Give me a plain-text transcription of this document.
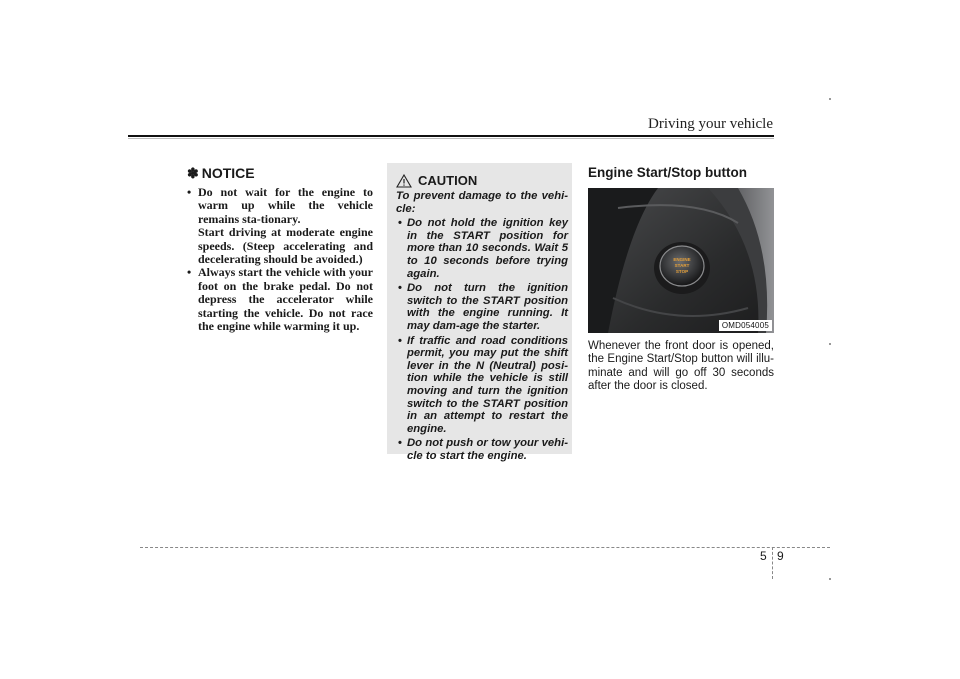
Driving your vehicle
✽ NOTICE
• Do not wait for the engine to warm up while the vehicle remains sta-tionary.
Start driving at moderate engine speeds. (Steep accelerating and decelerating should be avoided.)
• Always start the vehicle with your foot on the brake pedal. Do not depress the accelerator while starting the vehicle. Do not race the engine while warming it up.
CAUTION

To prevent damage to the vehi-cle:

• Do not hold the ignition key in the START position for more than 10 seconds. Wait 5 to 10 seconds before trying again.
• Do not turn the ignition switch to the START position with the engine running. It may dam-age the starter.
• If traffic and road conditions permit, you may put the shift lever in the N (Neutral) posi-tion while the vehicle is still moving and turn the ignition switch to the START position in an attempt to restart the engine.
• Do not push or tow your vehi-cle to start the engine.
Engine Start/Stop button
ENGINE
START
STOP
OMD054005

Whenever the front door is opened, the Engine Start/Stop button will illu-minate and will go off 30 seconds after the door is closed.

5 9
